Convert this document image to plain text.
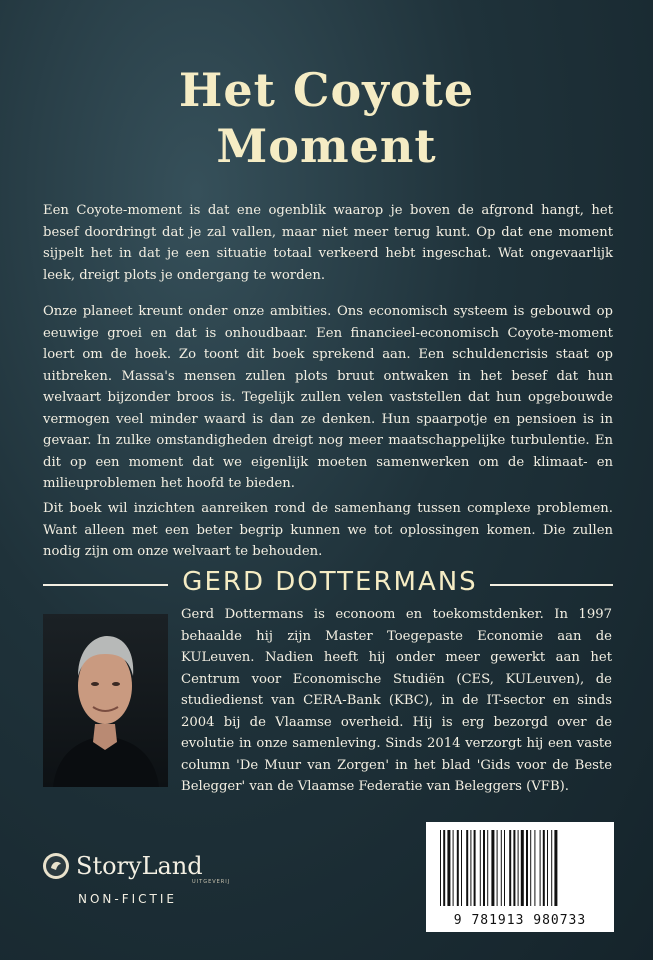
Het Coyote
Moment

Een Coyote-moment is dat ene ogenblik waarop je boven de afgrond hangt, het besef doordringt dat je zal vallen, maar niet meer terug kunt. Op dat ene moment sijpelt het in dat je een situatie totaal verkeerd hebt ingeschat. Wat ongevaarlijk leek, dreigt plots je ondergang te worden.

Onze planeet kreunt onder onze ambities. Ons economisch systeem is gebouwd op eeuwige groei en dat is onhoudbaar. Een financieel-economisch Coyote-moment loert om de hoek. Zo toont dit boek sprekend aan. Een schuldencrisis staat op uitbreken. Massa's mensen zullen plots bruut ontwaken in het besef dat hun welvaart bijzonder broos is. Tegelijk zullen velen vaststellen dat hun opgebouwde vermogen veel minder waard is dan ze denken. Hun spaarpotje en pensioen is in gevaar. In zulke omstandigheden dreigt nog meer maatschappelijke turbulentie. En dit op een moment dat we eigenlijk moeten samenwerken om de klimaat- en milieuproblemen het hoofd te bieden.

Dit boek wil inzichten aanreiken rond de samenhang tussen complexe problemen. Want alleen met een beter begrip kunnen we tot oplossingen komen. Die zullen nodig zijn om onze welvaart te behouden.

GERD DOTTERMANS

Gerd Dottermans is econoom en toekomstdenker. In 1997 behaalde hij zijn Master Toegepaste Economie aan de KULeuven. Nadien heeft hij onder meer gewerkt aan het Centrum voor Economische Studiën (CES, KULeuven), de studiedienst van CERA-Bank (KBC), in de IT-sector en sinds 2004 bij de Vlaamse overheid. Hij is erg bezorgd over de evolutie in onze samenleving. Sinds 2014 verzorgt hij een vaste column 'De Muur van Zorgen' in het blad 'Gids voor de Beste Belegger' van de Vlaamse Federatie van Beleggers (VFB).

9 781913 980733
StoryLand
UITGEVERIJ
NON-FICTIE
